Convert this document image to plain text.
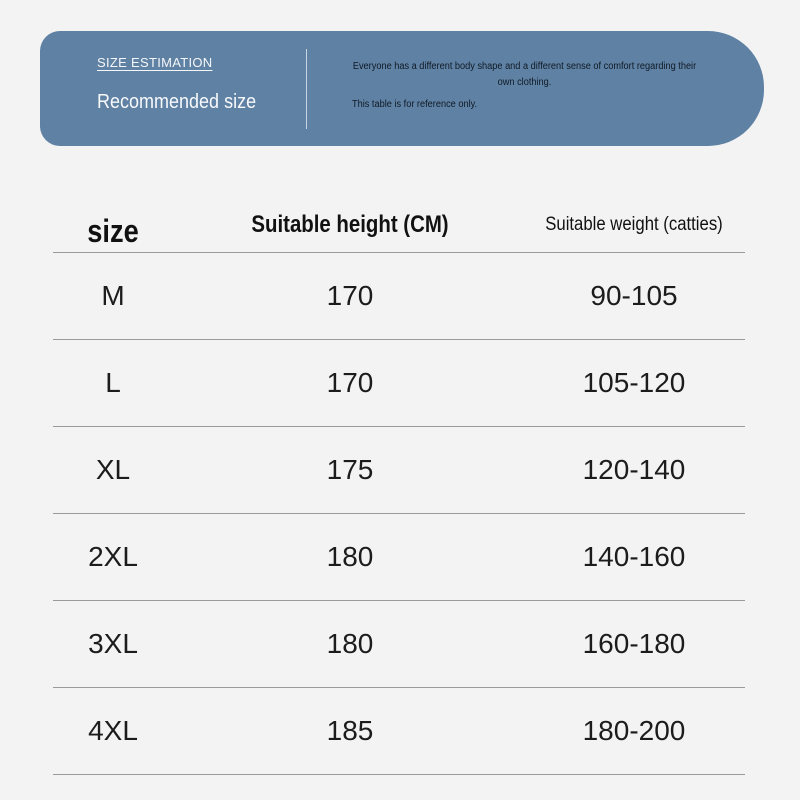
SIZE ESTIMATION
Recommended size

Everyone has a different body shape and a different sense of comfort regarding their own clothing.

This table is for reference only.

size	Suitable height (CM)	Suitable weight (catties)
M	170	90-105
L	170	105-120
XL	175	120-140
2XL	180	140-160
3XL	180	160-180
4XL	185	180-200
